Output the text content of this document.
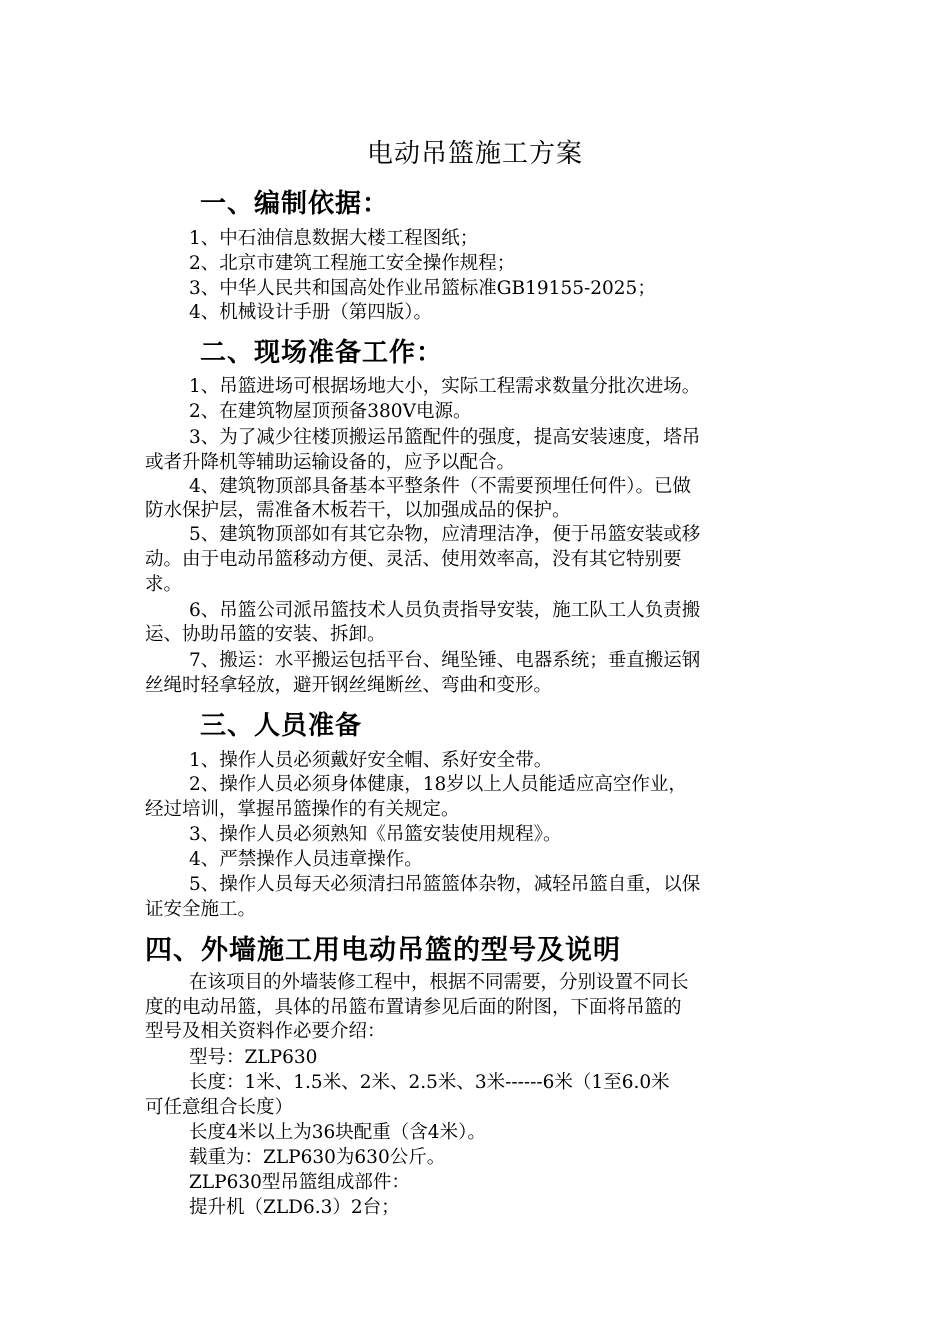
电动吊篮施工方案
一、编制依据：
1、中石油信息数据大楼工程图纸；
2、北京市建筑工程施工安全操作规程；
3、中华人民共和国高处作业吊篮标准GB19155-2025；
4、机械设计手册（第四版）。
二、现场准备工作：
1、吊篮进场可根据场地大小，实际工程需求数量分批次进场。
2、在建筑物屋顶预备380V电源。
3、为了减少往楼顶搬运吊篮配件的强度，提高安装速度，塔吊
或者升降机等辅助运输设备的，应予以配合。
4、建筑物顶部具备基本平整条件（不需要预埋任何件）。已做
防水保护层，需准备木板若干，以加强成品的保护。
5、建筑物顶部如有其它杂物，应清理洁净，便于吊篮安装或移
动。由于电动吊篮移动方便、灵活、使用效率高，没有其它特别要
求。
6、吊篮公司派吊篮技术人员负责指导安装，施工队工人负责搬
运、协助吊篮的安装、拆卸。
7、搬运：水平搬运包括平台、绳坠锤、电器系统；垂直搬运钢
丝绳时轻拿轻放，避开钢丝绳断丝、弯曲和变形。
三、人员准备
1、操作人员必须戴好安全帽、系好安全带。
2、操作人员必须身体健康，18岁以上人员能适应高空作业，
经过培训，掌握吊篮操作的有关规定。
3、操作人员必须熟知《吊篮安装使用规程》。
4、严禁操作人员违章操作。
5、操作人员每天必须清扫吊篮篮体杂物，减轻吊篮自重，以保
证安全施工。
四、外墙施工用电动吊篮的型号及说明
在该项目的外墙装修工程中，根据不同需要，分别设置不同长
度的电动吊篮，具体的吊篮布置请参见后面的附图，下面将吊篮的
型号及相关资料作必要介绍：
型号：ZLP630
长度：1米、1.5米、2米、2.5米、3米------6米（1至6.0米
可任意组合长度）
长度4米以上为36块配重（含4米）。
载重为：ZLP630为630公斤。
ZLP630型吊篮组成部件：
提升机（ZLD6.3）2台；
